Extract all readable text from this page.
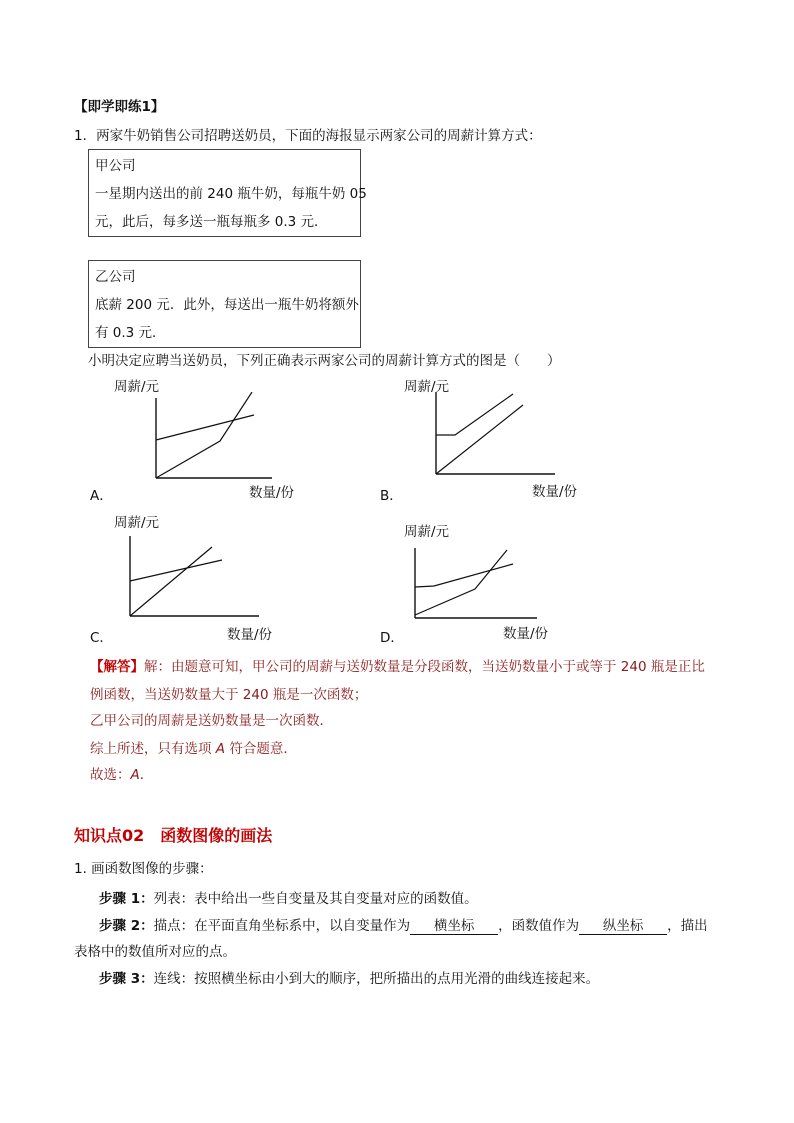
【即学即练1】
1．两家牛奶销售公司招聘送奶员，下面的海报显示两家公司的周薪计算方式：
甲公司
一星期内送出的前 240 瓶牛奶，每瓶牛奶 05
元，此后，每多送一瓶每瓶多 0.3 元．
乙公司
底薪 200 元．此外，每送出一瓶牛奶将额外
有 0.3 元．
小明决定应聘当送奶员，下列正确表示两家公司的周薪计算方式的图是（　　）
周薪/元
数量/份
A．
周薪/元
数量/份
B．
周薪/元
数量/份
C．
周薪/元
数量/份
D．
【解答】解：由题意可知，甲公司的周薪与送奶数量是分段函数，当送奶数量小于或等于 240 瓶是正比
例函数，当送奶数量大于 240 瓶是一次函数；
乙甲公司的周薪是送奶数量是一次函数．
综上所述，只有选项 A 符合题意．
故选：A．
知识点02 函数图像的画法
1. 画函数图像的步骤：
步骤 1：列表：表中给出一些自变量及其自变量对应的函数值。
步骤 2：描点：在平面直角坐标系中，以自变量作为 横坐标 ，函数值作为 纵坐标 ，描出
表格中的数值所对应的点。
步骤 3：连线：按照横坐标由小到大的顺序，把所描出的点用光滑的曲线连接起来。
